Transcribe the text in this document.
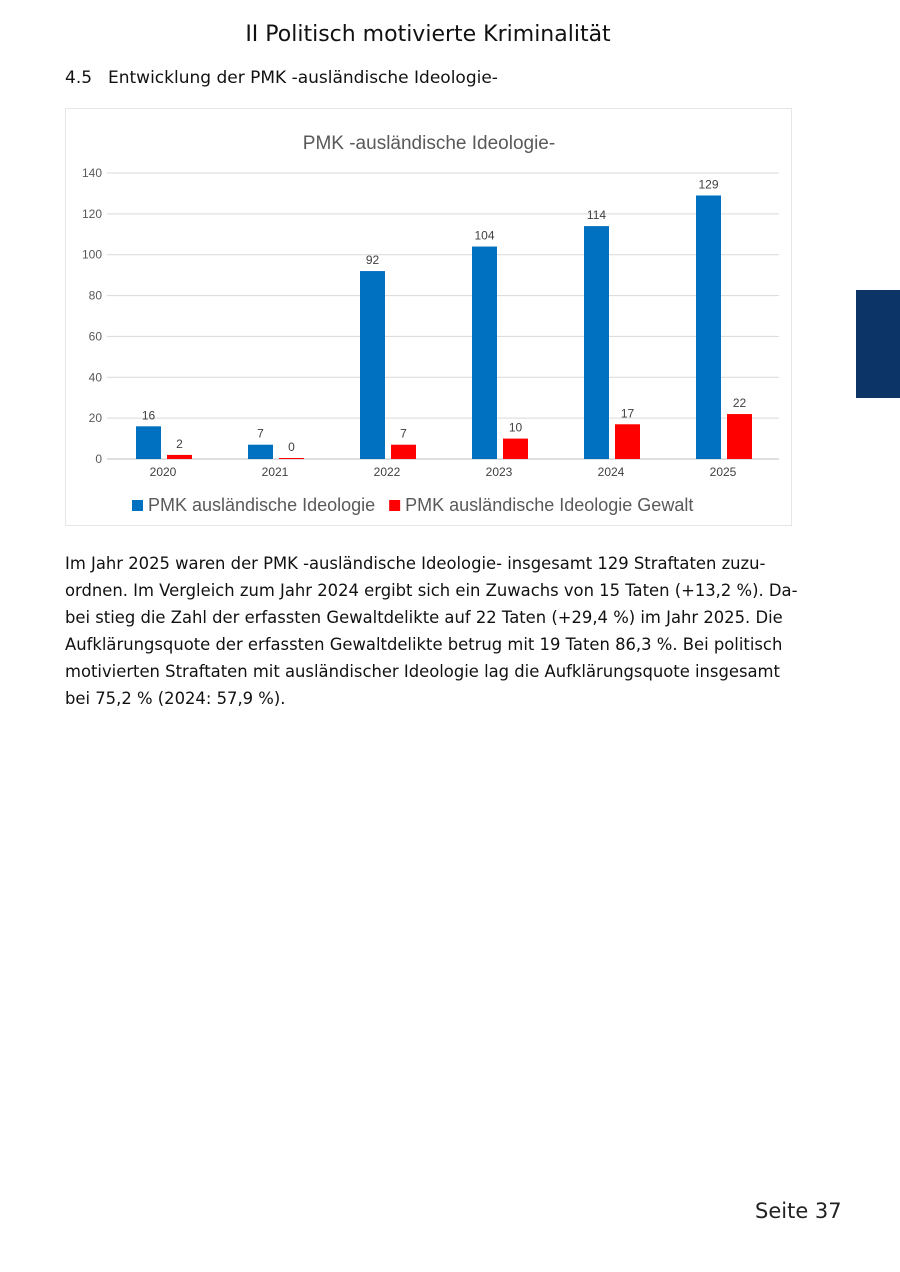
II Politisch motivierte Kriminalität
4.5 Entwicklung der PMK -ausländische Ideologie-
PMK -ausländische Ideologie-
0
20
40
60
80
100
120
140
2020
16
2
2021
7
0
2022
92
7
2023
104
10
2024
114
17
2025
129
22
PMK ausländische Ideologie PMK ausländische Ideologie Gewalt

Im Jahr 2025 waren der PMK -ausländische Ideologie- insgesamt 129 Straftaten zuzu-
ordnen. Im Vergleich zum Jahr 2024 ergibt sich ein Zuwachs von 15 Taten (+13,2 %). Da-
bei stieg die Zahl der erfassten Gewaltdelikte auf 22 Taten (+29,4 %) im Jahr 2025. Die
Aufklärungsquote der erfassten Gewaltdelikte betrug mit 19 Taten 86,3 %. Bei politisch
motivierten Straftaten mit ausländischer Ideologie lag die Aufklärungsquote insgesamt
bei 75,2 % (2024: 57,9 %).

Seite 37
